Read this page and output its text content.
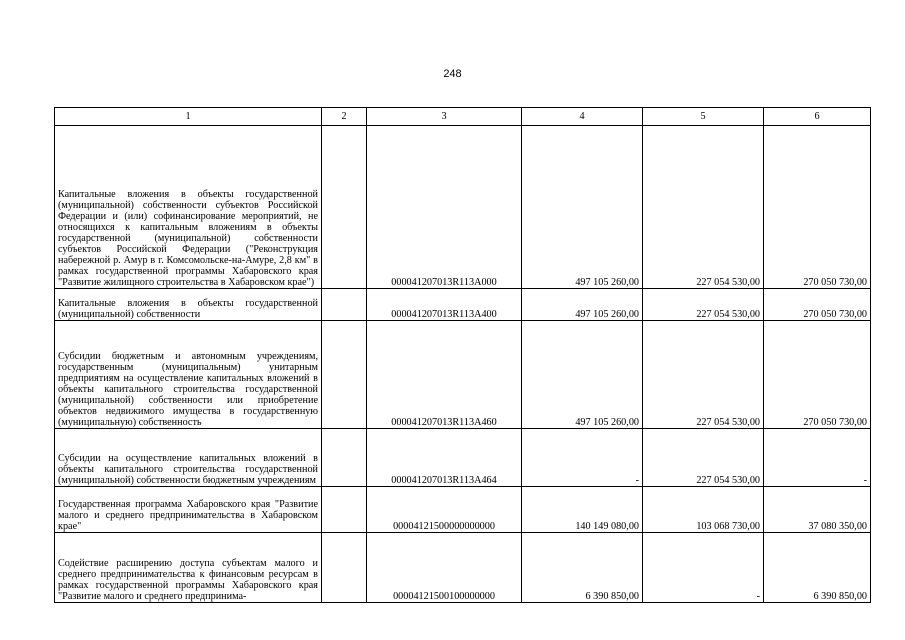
248
1	2	3	4	5	6
Капитальные вложения в объекты государственной (муниципальной) собственности субъектов Российской Федерации и (или) софинансирование мероприятий, не относящихся к капитальным вложениям в объекты государственной (муниципальной) собственности субъектов Российской Федерации ("Реконструкция набережной р. Амур в г. Комсомольске-на-Амуре, 2,8 км" в рамках государственной программы Хабаровского края "Развитие жилищного строительства в Хабаровском крае")		000041207013R113A000	497 105 260,00	227 054 530,00	270 050 730,00
Капитальные вложения в объекты государственной (муниципальной) собственности		000041207013R113A400	497 105 260,00	227 054 530,00	270 050 730,00
Субсидии бюджетным и автономным учреждениям, государственным (муниципальным) унитарным предприятиям на осуществление капитальных вложений в объекты капитального строительства государственной (муниципальной) собственности или приобретение объектов недвижимого имущества в государственную (муниципальную) собственность		000041207013R113A460	497 105 260,00	227 054 530,00	270 050 730,00
Субсидии на осуществление капитальных вложений в объекты капитального строительства государственной (муниципальной) собственности бюджетным учреждениям		000041207013R113A464	-	227 054 530,00	-
Государственная программа Хабаровского края "Развитие малого и среднего предпринимательства в Хабаровском крае"		00004121500000000000	140 149 080,00	103 068 730,00	37 080 350,00
Содействие расширению доступа субъектам малого и среднего предпринимательства к финансовым ресурсам в рамках государственной программы Хабаровского края "Развитие малого и среднего предпринима-		00004121500100000000	6 390 850,00	-	6 390 850,00
